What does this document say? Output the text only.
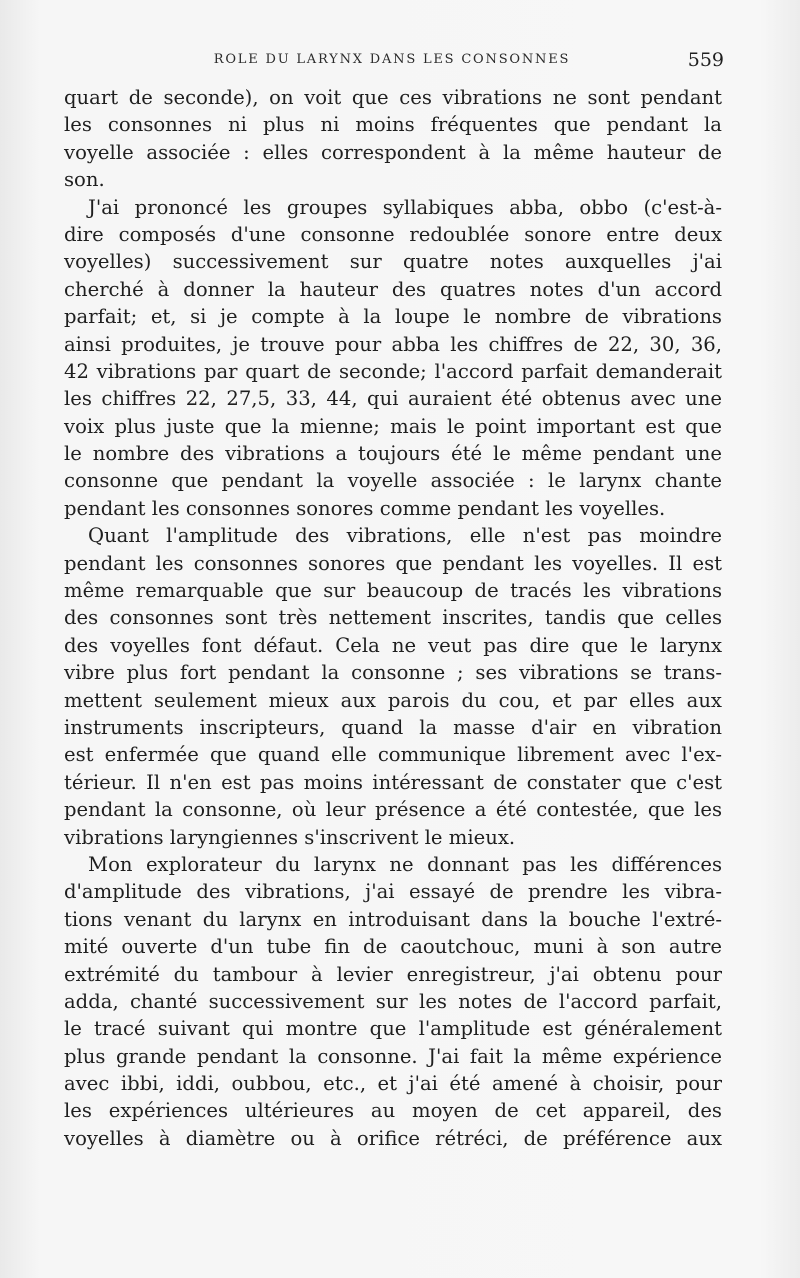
ROLE DU LARYNX DANS LES CONSONNES	559
quart de seconde), on voit que ces vibrations ne sont pendant
les consonnes ni plus ni moins fréquentes que pendant la
voyelle associée : elles correspondent à la même hauteur de
son.
J'ai prononcé les groupes syllabiques abba, obbo (c'est-à-
dire composés d'une consonne redoublée sonore entre deux
voyelles) successivement sur quatre notes auxquelles j'ai
cherché à donner la hauteur des quatres notes d'un accord
parfait; et, si je compte à la loupe le nombre de vibrations
ainsi produites, je trouve pour abba les chiffres de 22, 30, 36,
42 vibrations par quart de seconde; l'accord parfait demanderait
les chiffres 22, 27,5, 33, 44, qui auraient été obtenus avec une
voix plus juste que la mienne; mais le point important est que
le nombre des vibrations a toujours été le même pendant une
consonne que pendant la voyelle associée : le larynx chante
pendant les consonnes sonores comme pendant les voyelles.
Quant l'amplitude des vibrations, elle n'est pas moindre
pendant les consonnes sonores que pendant les voyelles. Il est
même remarquable que sur beaucoup de tracés les vibrations
des consonnes sont très nettement inscrites, tandis que celles
des voyelles font défaut. Cela ne veut pas dire que le larynx
vibre plus fort pendant la consonne ; ses vibrations se trans-
mettent seulement mieux aux parois du cou, et par elles aux
instruments inscripteurs, quand la masse d'air en vibration
est enfermée que quand elle communique librement avec l'ex-
térieur. Il n'en est pas moins intéressant de constater que c'est
pendant la consonne, où leur présence a été contestée, que les
vibrations laryngiennes s'inscrivent le mieux.
Mon explorateur du larynx ne donnant pas les différences
d'amplitude des vibrations, j'ai essayé de prendre les vibra-
tions venant du larynx en introduisant dans la bouche l'extré-
mité ouverte d'un tube fin de caoutchouc, muni à son autre
extrémité du tambour à levier enregistreur, j'ai obtenu pour
adda, chanté successivement sur les notes de l'accord parfait,
le tracé suivant qui montre que l'amplitude est généralement
plus grande pendant la consonne. J'ai fait la même expérience
avec ibbi, iddi, oubbou, etc., et j'ai été amené à choisir, pour
les expériences ultérieures au moyen de cet appareil, des
voyelles à diamètre ou à orifice rétréci, de préférence aux
